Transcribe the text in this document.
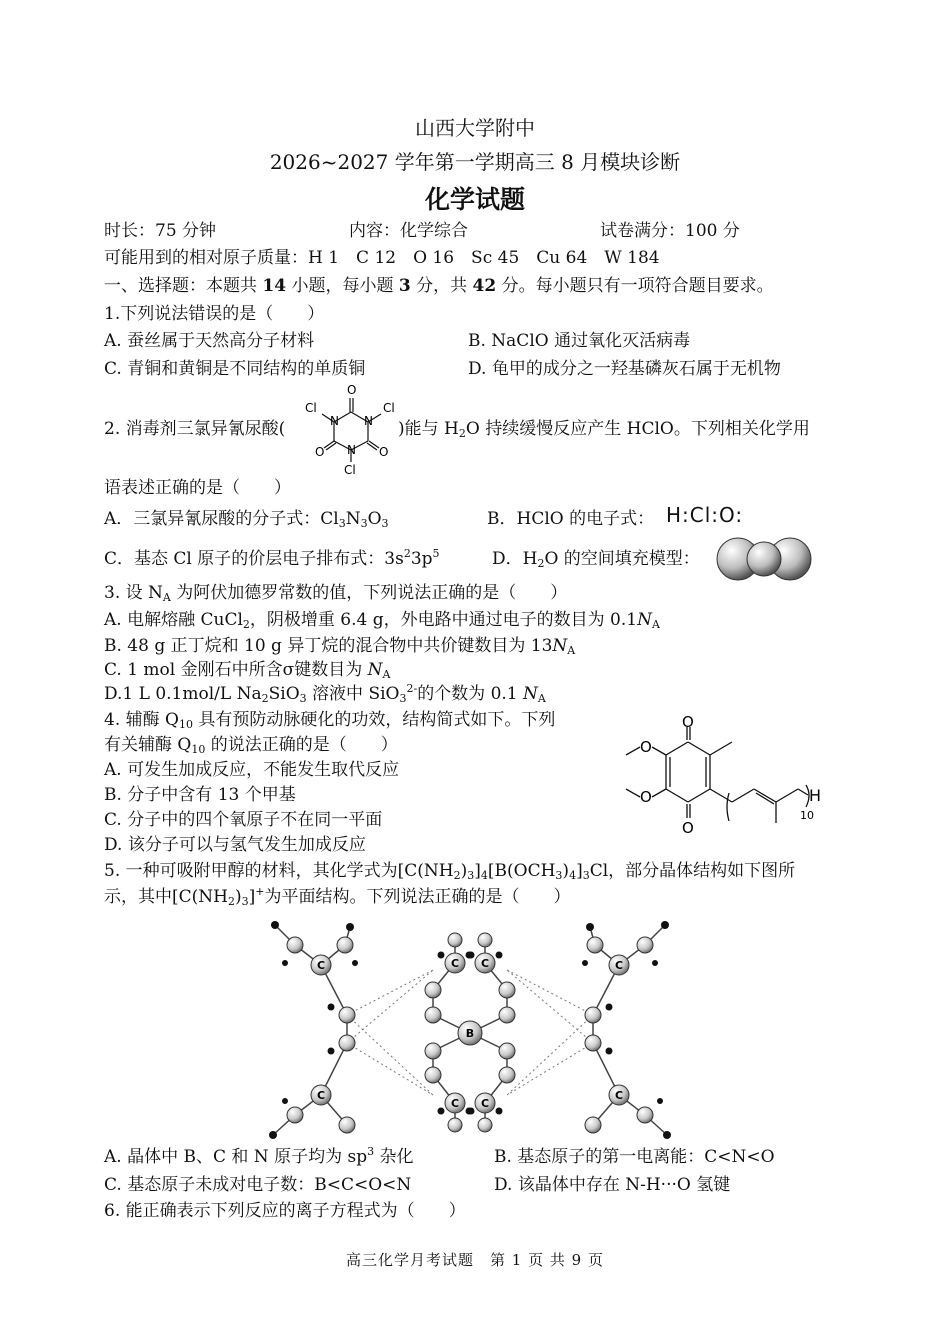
山西大学附中
2026~2027 学年第一学期高三 8 月模块诊断
化学试题
时长：75 分钟	内容：化学综合	试卷满分：100 分
可能用到的相对原子质量：H 1　C 12　O 16　Sc 45　Cu 64　W 184
一、选择题：本题共 14 小题，每小题 3 分，共 42 分。每小题只有一项符合题目要求。
1.下列说法错误的是（　　）
A. 蚕丝属于天然高分子材料	B. NaClO 通过氧化灭活病毒
C. 青铜和黄铜是不同结构的单质铜	D. 龟甲的成分之一羟基磷灰石属于无机物
2. 消毒剂三氯异氰尿酸(
O
Cl
N
O
N
Cl
O
N
Cl
)能与 $H_2O$ 持续缓慢反应产生 HClO。下列相关化学用
语表述正确的是（　　）
A．三氯异氰尿酸的分子式：$Cl_3N_3O_3$	B．HClO 的电子式： H:Cl:O:
C．基态 Cl 原子的价层电子排布式：$3s^23p^5$	D．$H_2O$ 的空间填充模型：
3. 设 $N_A$ 为阿伏加德罗常数的值，下列说法正确的是（　　）
A. 电解熔融 CuCl$_2$，阴极增重 6.4 g，外电路中通过电子的数目为 $0.1N_A$
B. 48 g 正丁烷和 10 g 异丁烷的混合物中共价键数目为 $13N_A$
C. 1 mol 金刚石中所含σ键数目为 $N_A$
D.1 L 0.1mol/L $Na_2SiO_3$ 溶液中 SiO$_3^{2-}$的个数为 0.1 $N_A$
4. 辅酶 $Q_{10}$ 具有预防动脉硬化的功效，结构简式如下。下列
有关辅酶 $Q_{10}$ 的说法正确的是（　　）
A. 可发生加成反应，不能发生取代反应
B. 分子中含有 13 个甲基
C. 分子中的四个氧原子不在同一平面
D. 该分子可以与氢气发生加成反应
O
O
O
O	H
10
5. 一种可吸附甲醇的材料，其化学式为$[C(NH_2)_3]_4[B(OCH_3)_4]_3Cl$，部分晶体结构如下图所
示，其中$[C(NH_2)_3]^+$为平面结构。下列说法正确的是（　　）
C
C
C
C
C C
C C
B
A. 晶体中 B、C 和 N 原子均为 $sp^3$ 杂化	B. 基态原子的第一电离能：C<N<O
C. 基态原子未成对电子数：B<C<O<N	D. 该晶体中存在 N-H···O 氢键
6. 能正确表示下列反应的离子方程式为（　　）
高三化学月考试题　第 1 页 共 9 页
